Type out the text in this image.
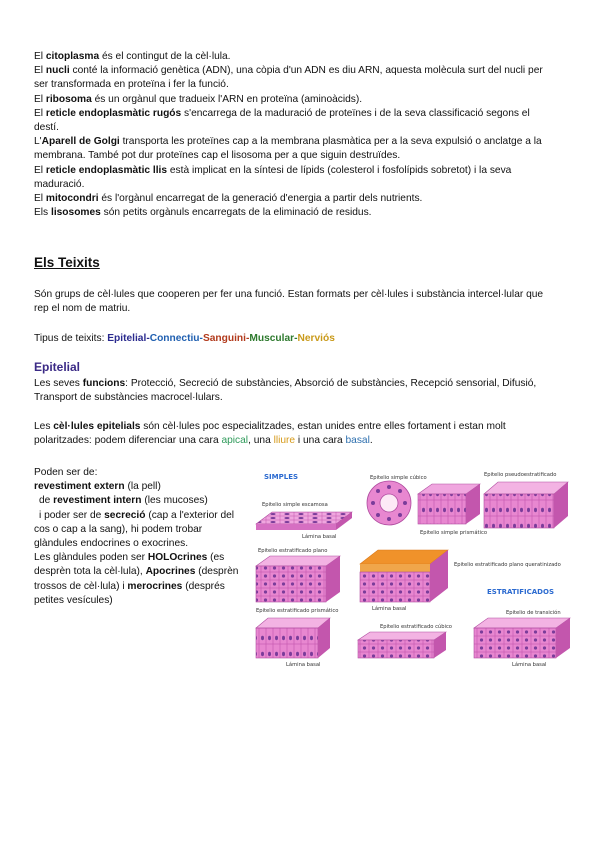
El citoplasma és el contingut de la cèl·lula.

El nucli conté la informació genètica (ADN), una còpia d'un ADN es diu ARN, aquesta molècula surt del nucli per ser transformada en proteïna i fer la funció.

El ribosoma és un orgànul que tradueix l'ARN en proteïna (aminoàcids).

El reticle endoplasmàtic rugós s'encarrega de la maduració de proteïnes i de la seva classificació segons el destí.

L'Aparell de Golgi transporta les proteïnes cap a la membrana plasmàtica per a la seva expulsió o anclatge a la membrana. També pot dur proteïnes cap el lisosoma per a que siguin destruïdes.

El reticle endoplasmàtic llis està implicat en la síntesi de lípids (colesterol i fosfolípids sobretot) i la seva maduració.

El mitocondri és l'orgànul encarregat de la generació d'energia a partir dels nutrients.

Els lisosomes són petits orgànuls encarregats de la eliminació de residus.

Els Teixits
Són grups de cèl·lules que cooperen per fer una funció. Estan formats per cèl·lules i substància intercel·lular que rep el nom de matriu.
Tipus de teixits: Epitelial-Connectiu-Sanguini-Muscular-Nerviós
Epitelial
Les seves funcions: Protecció, Secreció de substàncies, Absorció de substàncies, Recepció sensorial, Difusió, Transport de substàncies macrocel·lulars.
Les cèl·lules epitelials són cèl·lules poc especialitzades, estan unides entre elles fortament i estan molt polaritzades: podem diferenciar una cara apical, una lliure i una cara basal.

Poden ser de:

revestiment extern (la pell)

de revestiment intern (les mucoses)

i poder ser de secreció (cap a l'exterior del cos o cap a la sang), hi podem trobar glàndules endocrines o exocrines.

Les glàndules poden ser HOLOcrines (es desprèn tota la cèl·lula), Apocrines (desprèn trossos de cèl·lula) i merocrines (després petites vesícules)

SIMPLES
ESTRATIFICADOS
Epitelio simple cúbico	Epitelio pseudoestratificado
Epitelio simple escamosa
Epitelio simple prismático
Lámina basal
Epitelio estratificado plano
Lámina basal
Epitelio estratificado plano queratinizado
Epitelio estratificado prismático
Lámina basal
Epitelio estratificado cúbico
Epitelio de transición
Lámina basal
